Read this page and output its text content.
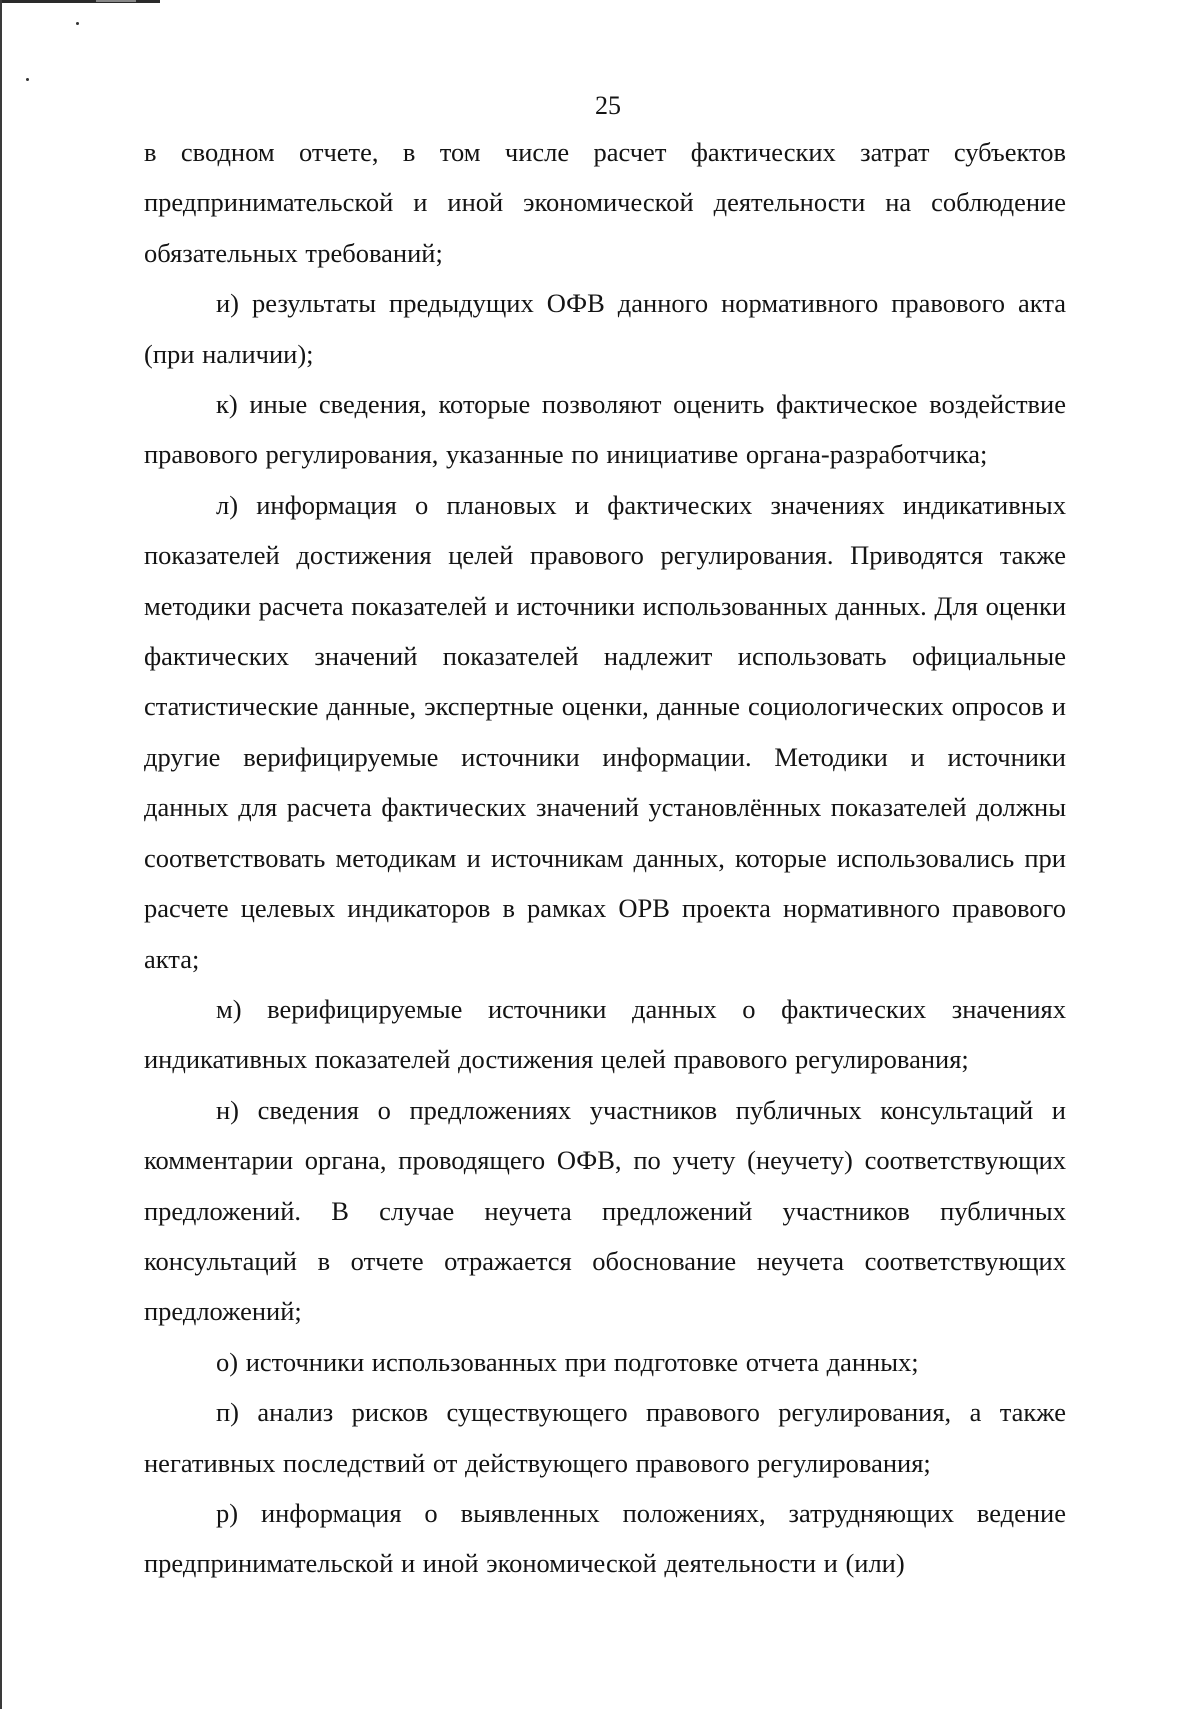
25

в сводном отчете, в том числе расчет фактических затрат субъектов предпринимательской и иной экономической деятельности на соблюдение обязательных требований;

и) результаты предыдущих ОФВ данного нормативного правового акта (при наличии);

к) иные сведения, которые позволяют оценить фактическое воздействие правового регулирования, указанные по инициативе органа-разработчика;

л) информация о плановых и фактических значениях индикативных показателей достижения целей правового регулирования. Приводятся также методики расчета показателей и источники использованных данных. Для оценки фактических значений показателей надлежит использовать официальные статистические данные, экспертные оценки, данные социологических опросов и другие верифицируемые источники информации. Методики и источники данных для расчета фактических значений установлённых показателей должны соответствовать методикам и источникам данных, которые использовались при расчете целевых индикаторов в рамках ОРВ проекта нормативного правового акта;

м) верифицируемые источники данных о фактических значениях индикативных показателей достижения целей правового регулирования;

н) сведения о предложениях участников публичных консультаций и комментарии органа, проводящего ОФВ, по учету (неучету) соответствующих предложений. В случае неучета предложений участников публичных консультаций в отчете отражается обоснование неучета соответствующих предложений;

о) источники использованных при подготовке отчета данных;

п) анализ рисков существующего правового регулирования, а также негативных последствий от действующего правового регулирования;

р) информация о выявленных положениях, затрудняющих ведение предпринимательской и иной экономической деятельности и (или)
